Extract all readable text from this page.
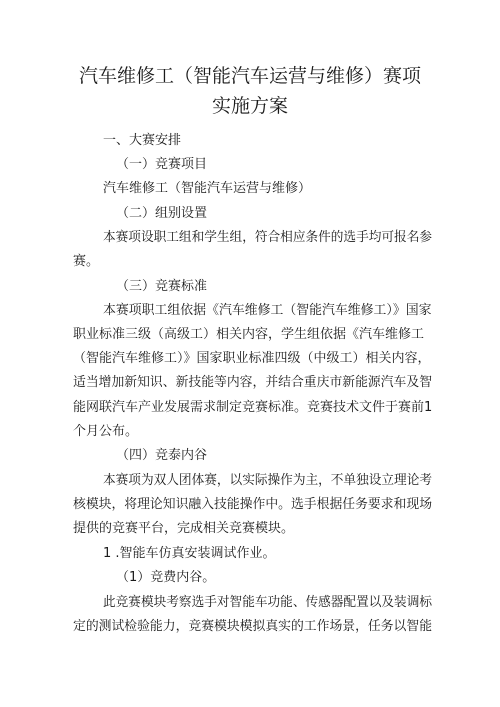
汽车维修工（智能汽车运营与维修）赛项
实施方案
一、大赛安排
（一）竞赛项目
汽车维修工（智能汽车运营与维修）
（二）组别设置
本赛项设职工组和学生组，符合相应条件的选手均可报名参
赛。
（三）竞赛标准
本赛项职工组依据《汽车维修工（智能汽车维修工）》国家
职业标准三级（高级工）相关内容，学生组依据《汽车维修工
（智能汽车维修工）》国家职业标准四级（中级工）相关内容，
适当增加新知识、新技能等内容，并结合重庆市新能源汽车及智
能网联汽车产业发展需求制定竞赛标准。竞赛技术文件于赛前1
个月公布。
（四）竞泰内谷
本赛项为双人团体赛，以实际操作为主，不单独设立理论考
核模块，将理论知识融入技能操作中。选手根据任务要求和现场
提供的竞赛平台，完成相关竞赛模块。
1 .智能车仿真安装调试作业。
（1）竞费内谷。
此竞赛模块考察选手对智能车功能、传感器配置以及装调标
定的测试检验能力，竞赛模块模拟真实的工作场景，任务以智能
